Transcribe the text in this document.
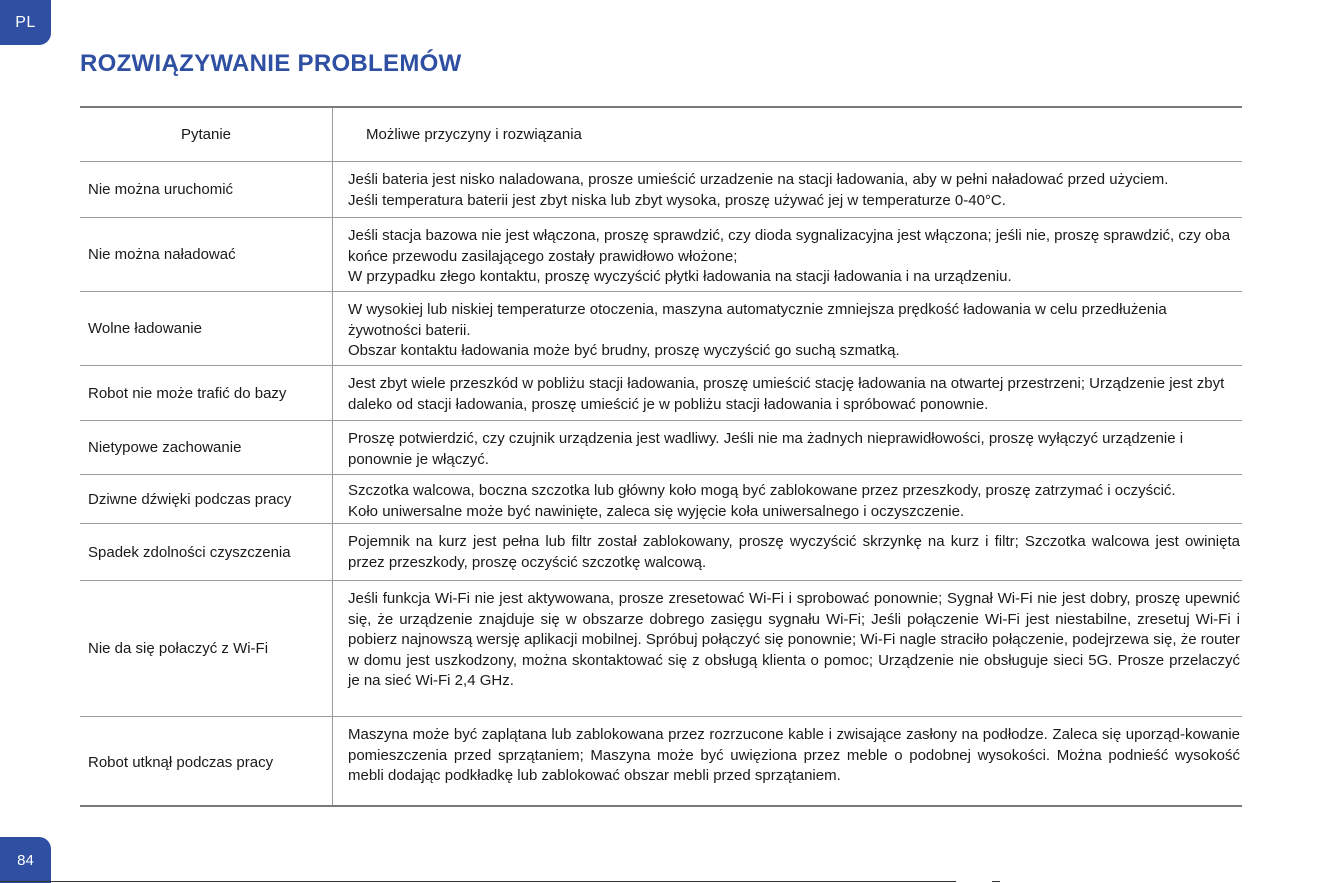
PL
ROZWIĄZYWANIE PROBLEMÓW
Pytanie	Możliwe przyczyny i rozwiązania
Nie można uruchomić

Jeśli bateria jest nisko naladowana, prosze umieścić urzadzenie na stacji ładowania, aby w pełni naładować przed użyciem.

Jeśli temperatura baterii jest zbyt niska lub zbyt wysoka, proszę używać jej w temperaturze 0-40°C.

Nie można naładować

Jeśli stacja bazowa nie jest włączona, proszę sprawdzić, czy dioda sygnalizacyjna jest włączona; jeśli nie, proszę sprawdzić, czy oba końce przewodu zasilającego zostały prawidłowo włożone;

W przypadku złego kontaktu, proszę wyczyścić płytki ładowania na stacji ładowania i na urządzeniu.

Wolne ładowanie

W wysokiej lub niskiej temperaturze otoczenia, maszyna automatycznie zmniejsza prędkość ładowania w celu przedłużenia żywotności baterii.

Obszar kontaktu ładowania może być brudny, proszę wyczyścić go suchą szmatką.

Robot nie może trafić do bazy

Jest zbyt wiele przeszkód w pobliżu stacji ładowania, proszę umieścić stację ładowania na otwartej przestrzeni; Urządzenie jest zbyt daleko od stacji ładowania, proszę umieścić je w pobliżu stacji ładowania i spróbować ponownie.

Nietypowe zachowanie

Proszę potwierdzić, czy czujnik urządzenia jest wadliwy. Jeśli nie ma żadnych nieprawidłowości, proszę wyłączyć urządzenie i ponownie je włączyć.

Dziwne dźwięki podczas pracy	Szczotka walcowa, boczna szczotka lub główny koło mogą być zablokowane przez przeszkody, proszę zatrzymać i oczyścić.

Koło uniwersalne może być nawinięte, zaleca się wyjęcie koła uniwersalnego i oczyszczenie.

Spadek zdolności czyszczenia

Pojemnik na kurz jest pełna lub filtr został zablokowany, proszę wyczyścić skrzynkę na kurz i filtr; Szczotka walcowa jest owinięta przez przeszkody, proszę oczyścić szczotkę walcową.

Nie da się połaczyć z Wi-Fi

Jeśli funkcja Wi-Fi nie jest aktywowana, prosze zresetować Wi-Fi i sprobować ponownie; Sygnał Wi-Fi nie jest dobry, proszę upewnić się, że urządzenie znajduje się w obszarze dobrego zasięgu sygnału Wi-Fi; Jeśli połączenie Wi-Fi jest niestabilne, zresetuj Wi-Fi i pobierz najnowszą wersję aplikacji mobilnej. Spróbuj połączyć się ponownie; Wi-Fi nagle straciło połączenie, podejrzewa się, że router w domu jest uszkodzony, można skontaktować się z obsługą klienta o pomoc; Urządzenie nie obsługuje sieci 5G. Prosze przelaczyć je na sieć Wi-Fi 2,4 GHz.

Robot utknął podczas pracy

Maszyna może być zaplątana lub zablokowana przez rozrzucone kable i zwisające zasłony na podłodze. Zaleca się uporząd-kowanie pomieszczenia przed sprzątaniem; Maszyna może być uwięziona przez meble o podobnej wysokości. Można podnieść wysokość mebli dodając podkładkę lub zablokować obszar mebli przed sprzątaniem.

84
